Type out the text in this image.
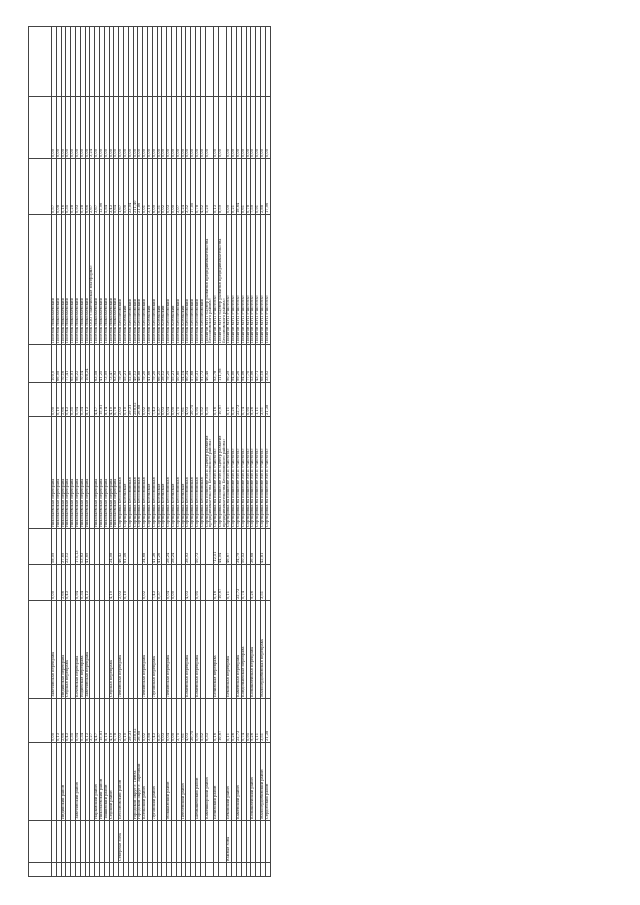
			0,00	Заветинская переправа	0,00	58,09	Николаевская переправа	0,00	100,0	Поселок Николаевский	0,57	0,00	
			0,13				Николаевская переправа	0,10	66,08	Поселок Николаевский	0,08	0,00	
		Индийский район	2,66	Индийская переправа	2,66	37,69	Николаевская переправа	2,66	70,16	Поселок Николаевский	0,16	0,00	
			0,43	Седская переправа	0,43	22,12	Николаевская переправа	0,43	77,41	Поселок Николаевский	0,35	0,00	
			0,35				Николаевская переправа	0,35	65,01	Поселок Николаевский	0,28	0,00	
		Заветинский район	0,94	Кочевская переправа	0,94	175,13	Николаевская переправа	0,94	98,22	Поселок Николаевский	0,93	0,00	
			0,34	Водинская переправа	0,34	53,63	Николаевская переправа	0,34	70,14	Поселок Николаевский	0,28	0,00	
			8,13	Заветинская переправа	8,13	41,69	Николаевская переправа	8,13	108,24	Поселок Николаевский	6,66	0,00	
			3,27							Поселок ООО «Заветинская платформа»	2,67	3,24	
		Нарымский район	4,47				Николаевская переправа	4,47	63,58	Поселок Николаевский	3,67	0,00	
		Николаевский район	15,81				Николаевская переправа	15,81	41,25	Поселок Николаевский	12,96	0,00	
		Тишинский район	8,14				Николаевская переправа	8,14	73,09	Поселок Николаевский	5,84	0,00	
		Седский район	4,19	Седская переправа	4,19	24,08	Николаевская переправа	4,19	73,47	Поселок Николаевский	3,43	0,00	
			0,78				Николаевская переправа	0,78	63,93	Поселок Николаевский	0,64	0,00	
	Северная зона	Бессоновский район	2,03	Ленинская переправа	2,03	46,42	Сортировка Бессоновская	2,03	79,29	Поселок Бессоновский	1,67	0,00	
			0,10		0,10	61,56	Сортировка Ксельская	0,10	55,21	Поселок Ксельский	0,08	0,00	
			29,31				Сортировка Бессоновская	29,31	52,89	Поселок Бессоновский	23,04	0,00	
		городской округ г. Пенза	258,02				Сортировка Бессоновская	258,02	49,13	Поселок Бессоновский	211,40	0,00	
		городской округ г. Заречный	26,68				Сортировка Бессоновская	26,68	48,88	Поселок Бессоновский	21,86	0,00	
		Ксельский район	0,02	Ленинская переправа	0,02	34,68	Сортировка Бессоновская	0,02	79,20	Поселок Бессоновский	0,01	0,00	
			3,88				Сортировка Ксельская	3,88	41,66	Поселок Ксельский	3,19	0,00	
		Луговский район	7,43	Луговская переправа	7,43	41,36	Сортировка Бессоновская	7,43	79,20	Поселок Бессоновский	6,09	0,00	
			0,37		0,37	41,26	Сортировка Ксельская	0,37	66,25	Поселок Ксельский	0,31	0,00	
			0,03				Сортировка Ксельская	0,03	28,12	Поселок Ксельский	0,02	0,00	
		Мокшанский район	0,04	Ленинская переправа	0,04	28,24	Сортировка Бессоновская	0,04	79,20	Поселок Бессоновский	0,03	0,00	
			0,00		0,00	28,24	Сортировка Ксельская	0,00	55,21	Поселок Ксельский	0,00	0,00	
			3,75				Сортировка Бессоновская	3,75	50,80	Поселок Бессоновский	3,07	0,00	
		Пензенский район	7,61				Сортировка Ксельская	7,61	54,14	Поселок Ксельский	6,24	0,00	
			4,03	Коменская переправа	4,03	38,93	Сортировка Бессоновская	4,03	80,34	Поселок Бессоновский	3,32	0,00	
			20,75				Сортировка Бессоновская	20,75	57,68	Поселок Бессоновский	17,00	0,00	
		Шемышейский район	0,95	Коменская переправа	0,95	50,73	Сортировка Бессоновская	0,95	89,31	Поселок Бессоновский	0,78	0,00	
			5,52				Сортировка Бессоновская	5,52	91,73	Поселок Бессоновский	4,52	0,00	
		Камешкирский район	6,33				Сортировка на полигоне МУП «Центр развития предпринимательства Бессоновского района»	6,35	46,48	Полигон МУП «Центр развития предпринимательства Бессоновского района»	5,20	0,00	
		Белинский район	0,16	Белинская переправа	0,16	-12,51	Сортировка на полигоне МУП «Чистота»	0,16	93,78	Полигон МУП «Чистота»	0,13	0,00	
			10,67		10,67	44,04	Сортировка на полигоне МУП «Центр развития предпринимательства Бессоновского района»	10,67	111,98	Полигон МУП «Центр развития предпринимательства Бессоновского района»	8,59	0,00	
	Южная зона	Бековский район	0,11	Бековская переправа	0,11	46,67	Сортировка на полигоне МУП «Чистота»	0,11	90,29	Полигон МУП «Чистота»	0,09	0,00	
			0,26				Сортировка на полигоне МУП «Чистота»	0,26	94,00	Полигон МУП «Чистота»	0,21	0,00	
		Каменский район	22,73	Каменская переправа	22,73	34,79	Сортировка на полигоне МУП «Чистота»	22,73	99,26	Полигон МУП «Чистота»	18,64	0,00	
			0,74	Кондольинская переправа	0,74	50,53	Сортировка на полигоне МУП «Чистота»	0,74	94,06	Полигон МУП «Чистота»	0,61	0,00	
			0,95				Сортировка на полигоне МУП «Чистота»	0,95	77,70	Полигон МУП «Чистота»	0,78	0,00	
		Колышлейский район	9,26	Колышлейская переправа	9,26	36,68	Сортировка на полигоне МУП «Чистота»	9,26	53,06	Полигон МУП «Чистота»	7,59	0,00	
			1,11				Сортировка на полигоне МУП «Чистота»	1,11	43,71	Полигон МУП «Чистота»	0,91	0,00	
		Малосердобинский район	3,51	Малосердобинская переправа	3,51	42,81	Сортировка на полигоне МУП «Чистота»	3,51	68,18	Полигон МУП «Чистота»	2,88	0,00	
		Сердобский район	21,38				Сортировка на полигоне МУП «Чистота»	21,38	33,92	Полигон МУП «Чистота»	17,96	0,00	
